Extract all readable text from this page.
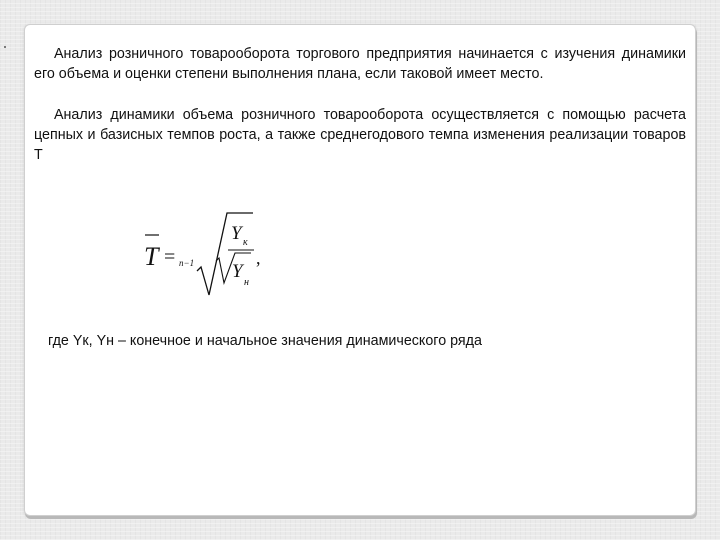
Анализ розничного товарооборота торгового предприятия начинается с изучения динамики его объема и оценки степени выполнения плана, если таковой имеет место.

Анализ динамики объема розничного товарооборота осуществляется с помощью расчета цепных и базисных темпов роста, а также среднегодового темпа изменения реализации товаров T

T = n−1
Y к
Y
н
,

где Yк, Yн – конечное и начальное значения динамического ряда
